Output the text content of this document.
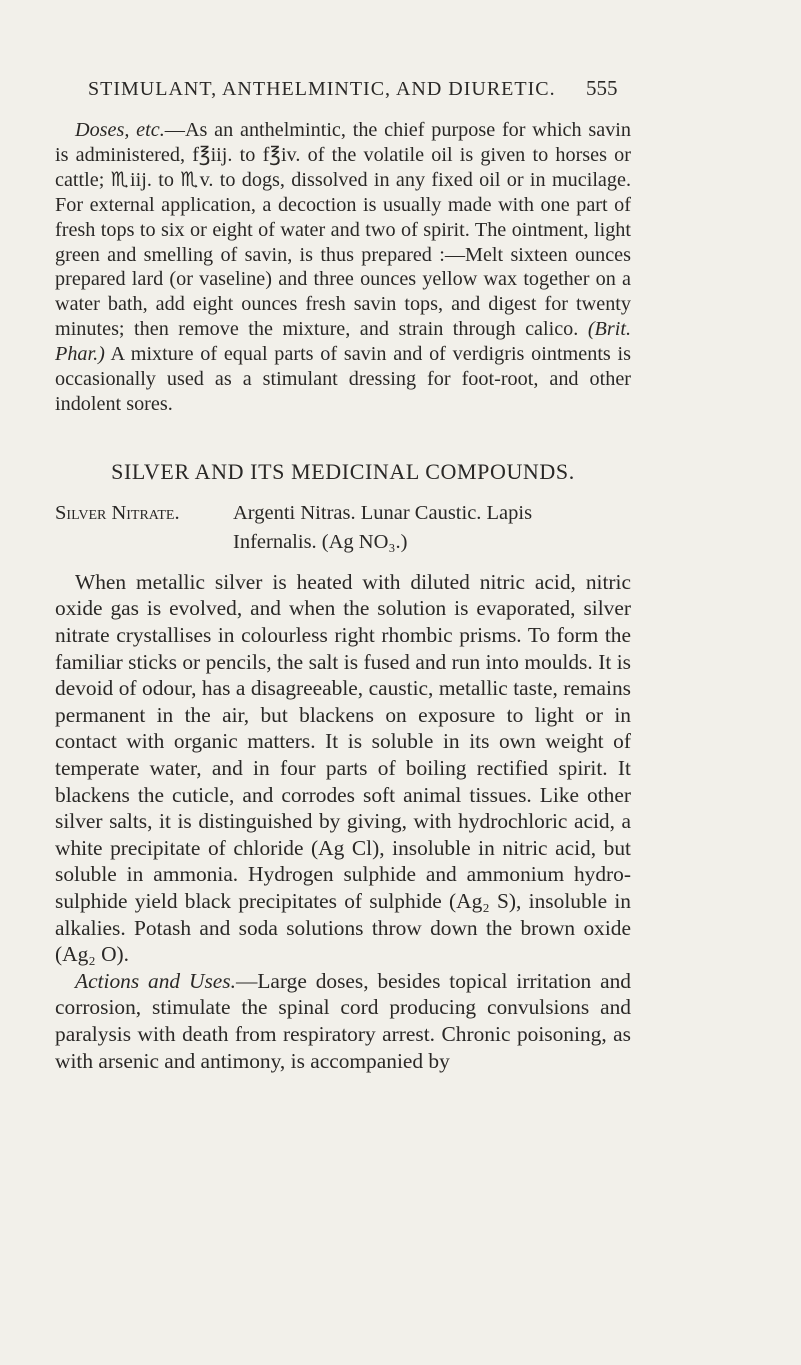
STIMULANT, ANTHELMINTIC, AND DIURETIC.	555

Doses, etc.—As an anthelmintic, the chief purpose for which savin is administered, f℥iij. to f℥iv. of the volatile oil is given to horses or cattle; ♏︎iij. to ♏︎v. to dogs, dissolved in any fixed oil or in mucilage. For external application, a decoction is usually made with one part of fresh tops to six or eight of water and two of spirit. The ointment, light green and smelling of savin, is thus prepared :—Melt sixteen ounces prepared lard (or vaseline) and three ounces yellow wax together on a water bath, add eight ounces fresh savin tops, and digest for twenty minutes; then remove the mixture, and strain through calico. (Brit. Phar.) A mixture of equal parts of savin and of verdigris ointments is occasionally used as a stimulant dressing for foot-root, and other indolent sores.

SILVER AND ITS MEDICINAL COMPOUNDS.
Silver Nitrate.	Argenti Nitras. Lunar Caustic. Lapis
Infernalis. (Ag NO₃.)

When metallic silver is heated with diluted nitric acid, nitric oxide gas is evolved, and when the solution is evaporated, silver nitrate crystallises in colourless right rhombic prisms. To form the familiar sticks or pencils, the salt is fused and run into moulds. It is devoid of odour, has a disagreeable, caustic, metallic taste, remains permanent in the air, but blackens on exposure to light or in contact with organic matters. It is soluble in its own weight of temperate water, and in four parts of boiling rectified spirit. It blackens the cuticle, and corrodes soft animal tissues. Like other silver salts, it is distinguished by giving, with hydrochloric acid, a white precipitate of chloride (Ag Cl), insoluble in nitric acid, but soluble in ammonia. Hydrogen sulphide and ammonium hydro-sulphide yield black precipitates of sulphide (Ag₂ S), insoluble in alkalies. Potash and soda solutions throw down the brown oxide (Ag₂ O).

Actions and Uses.—Large doses, besides topical irritation and corrosion, stimulate the spinal cord producing convulsions and paralysis with death from respiratory arrest. Chronic poisoning, as with arsenic and antimony, is accompanied by
